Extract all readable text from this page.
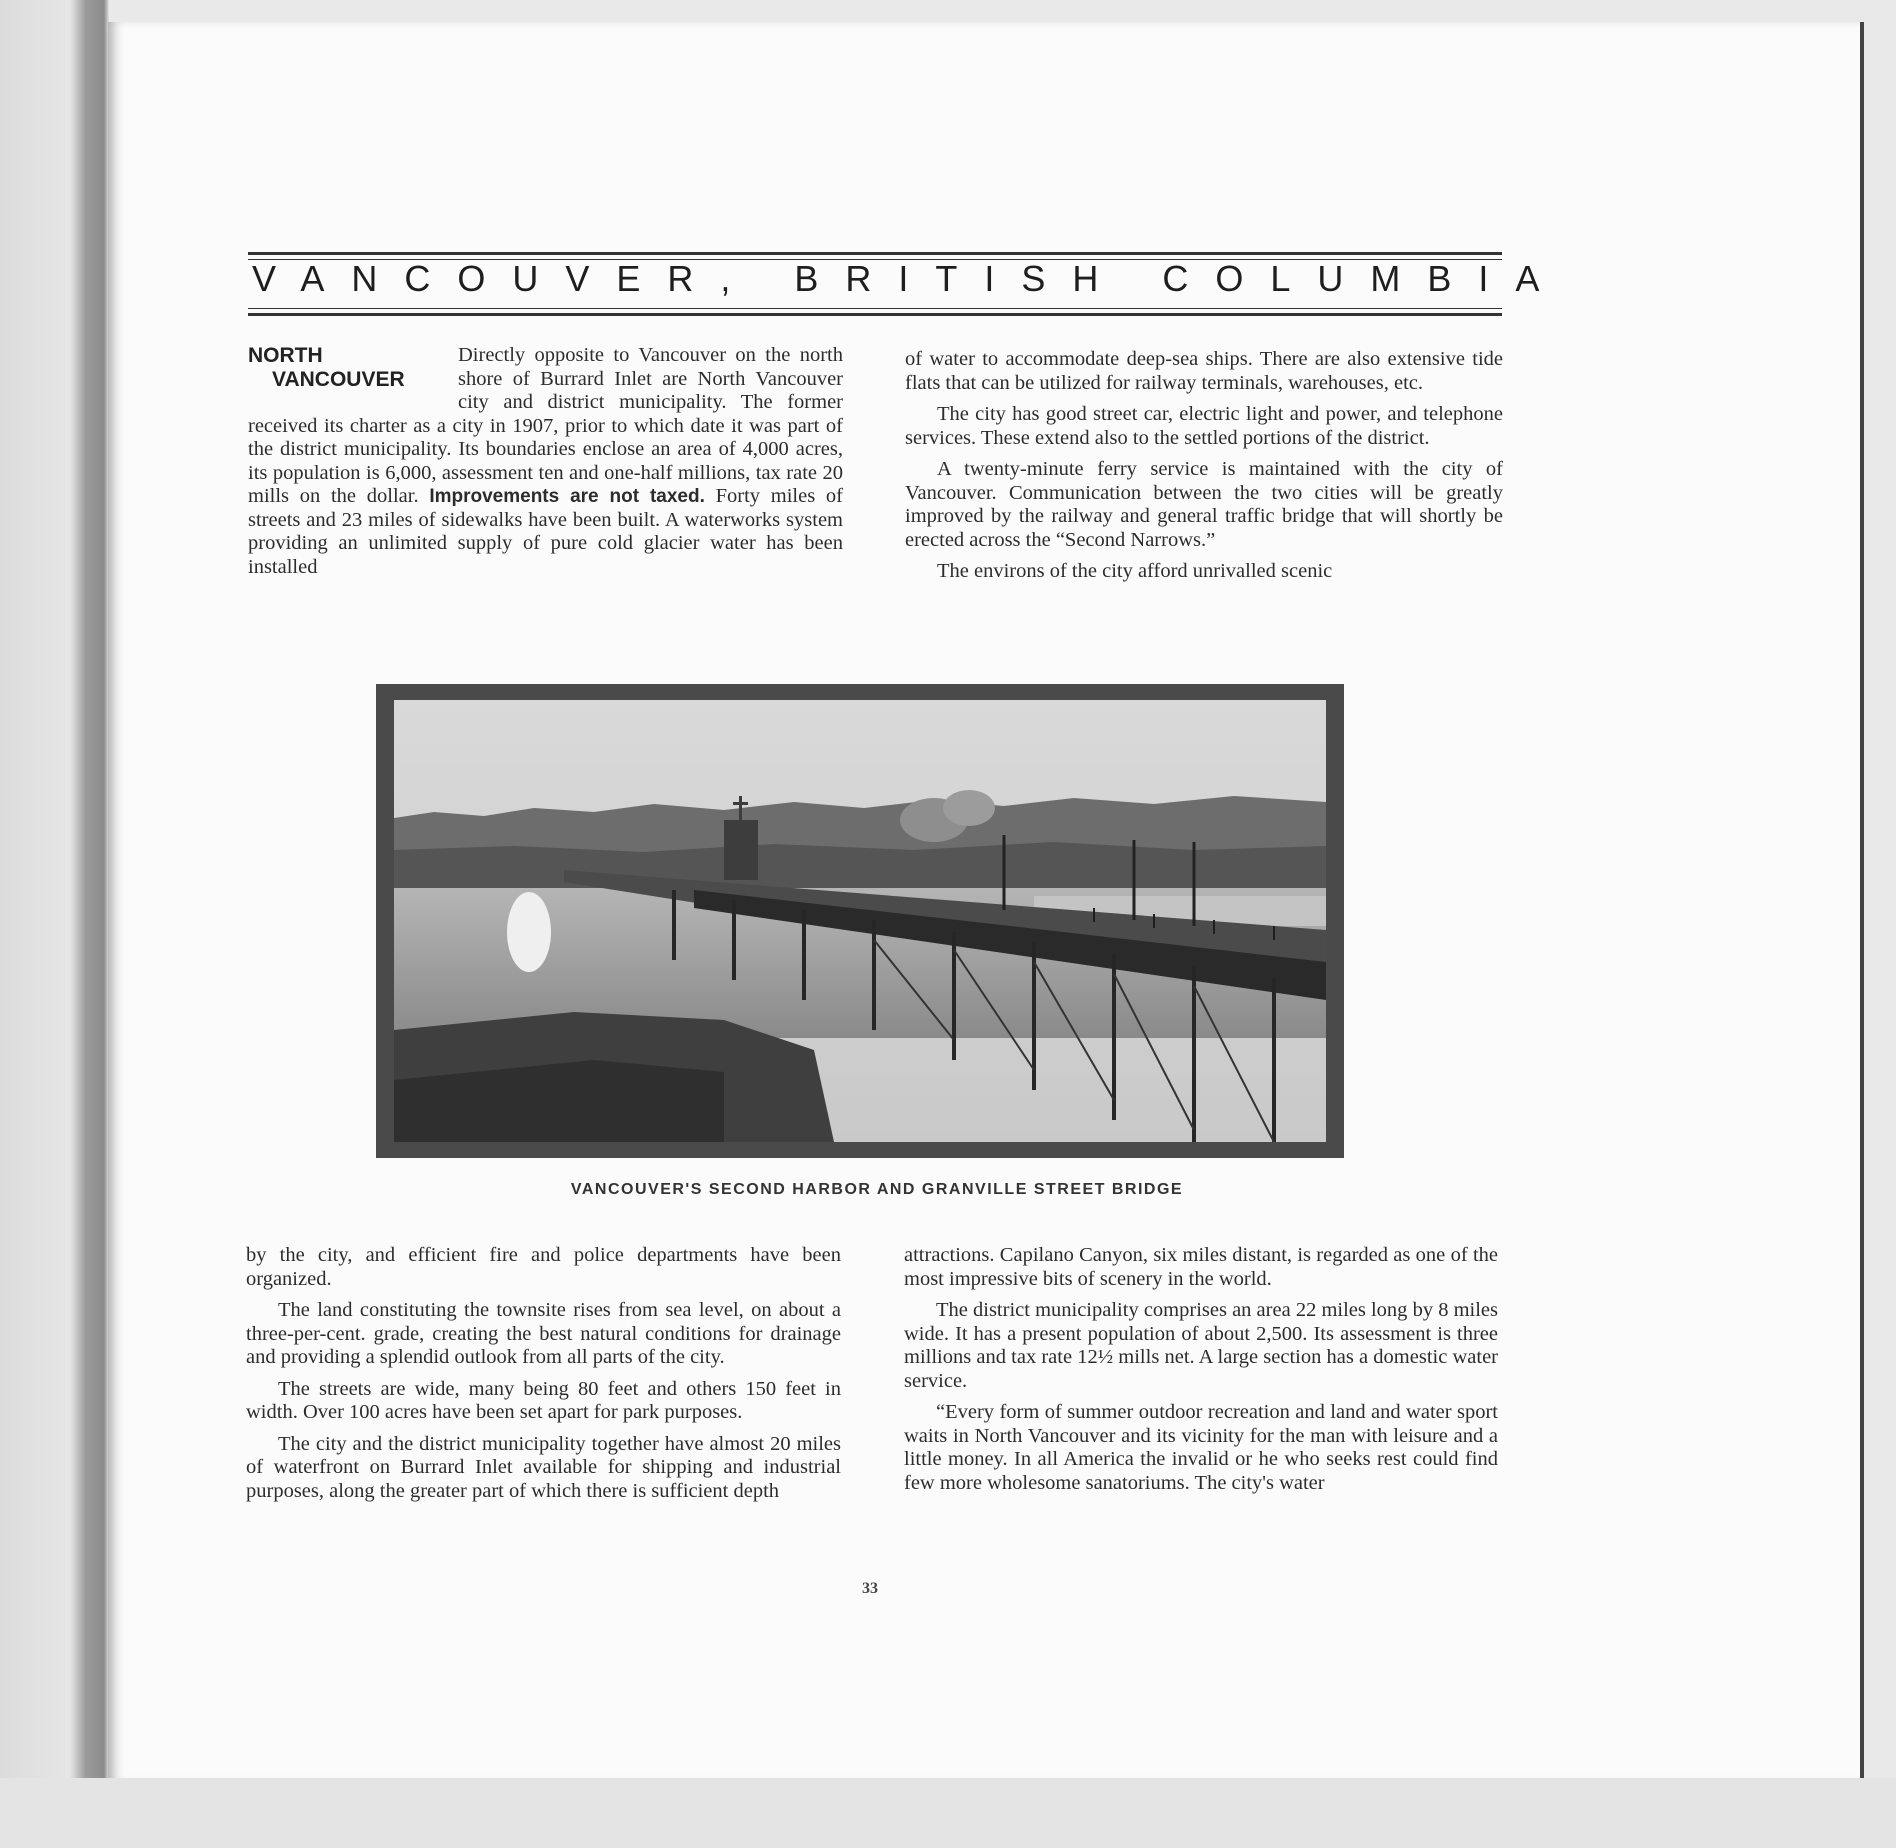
VANCOUVER, BRITISH COLUMBIA
NORTH
VANCOUVER

Directly opposite to Vancouver on the north shore of Burrard Inlet are North Vancouver city and district municipality. The former received its charter as a city in 1907, prior to which date it was part of the district municipality. Its boundaries enclose an area of 4,000 acres, its population is 6,000, assessment ten and one-half millions, tax rate 20 mills on the dollar. Improvements are not taxed. Forty miles of streets and 23 miles of sidewalks have been built. A waterworks system providing an unlimited supply of pure cold glacier water has been installed

of water to accommodate deep-sea ships. There are also extensive tide flats that can be utilized for railway terminals, warehouses, etc.

The city has good street car, electric light and power, and telephone services. These extend also to the settled portions of the district.

A twenty-minute ferry service is maintained with the city of Vancouver. Communication between the two cities will be greatly improved by the railway and general traffic bridge that will shortly be erected across the “Second Narrows.”

The environs of the city afford unrivalled scenic

VANCOUVER'S SECOND HARBOR AND GRANVILLE STREET BRIDGE

by the city, and efficient fire and police departments have been organized.

The land constituting the townsite rises from sea level, on about a three-per-cent. grade, creating the best natural conditions for drainage and providing a splendid outlook from all parts of the city.

The streets are wide, many being 80 feet and others 150 feet in width. Over 100 acres have been set apart for park purposes.

The city and the district municipality together have almost 20 miles of waterfront on Burrard Inlet available for shipping and industrial purposes, along the greater part of which there is sufficient depth

attractions. Capilano Canyon, six miles distant, is regarded as one of the most impressive bits of scenery in the world.

The district municipality comprises an area 22 miles long by 8 miles wide. It has a present population of about 2,500. Its assessment is three millions and tax rate 12½ mills net. A large section has a domestic water service.

“Every form of summer outdoor recreation and land and water sport waits in North Vancouver and its vicinity for the man with leisure and a little money. In all America the invalid or he who seeks rest could find few more wholesome sanatoriums. The city's water

33
